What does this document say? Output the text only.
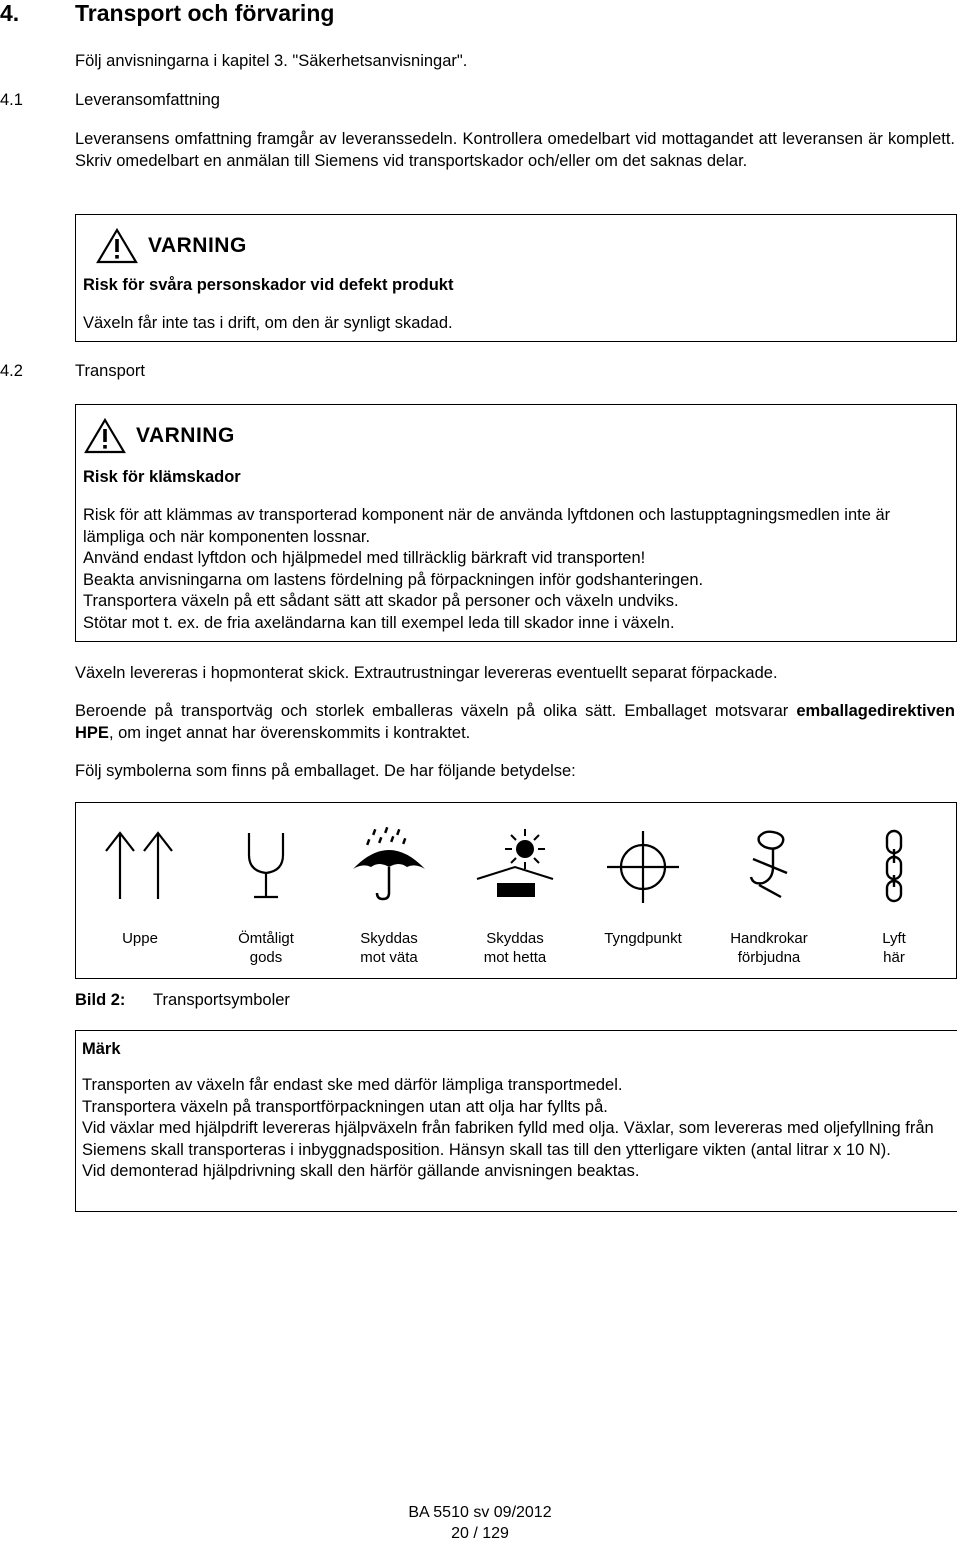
4. Transport och förvaring
Följ anvisningarna i kapitel 3. "Säkerhetsanvisningar".
4.1	Leveransomfattning
Leveransens omfattning framgår av leveranssedeln. Kontrollera omedelbart vid mottagandet att leveransen är komplett. Skriv omedelbart en anmälan till Siemens vid transportskador och/eller om det saknas delar.
VARNING
Risk för svåra personskador vid defekt produkt
Växeln får inte tas i drift, om den är synligt skadad.
4.2	Transport
VARNING
Risk för klämskador
Risk för att klämmas av transporterad komponent när de använda lyftdonen och lastupptagningsmedlen inte är lämpliga och när komponenten lossnar.
Använd endast lyftdon och hjälpmedel med tillräcklig bärkraft vid transporten!
Beakta anvisningarna om lastens fördelning på förpackningen inför godshanteringen.
Transportera växeln på ett sådant sätt att skador på personer och växeln undviks.
Stötar mot t. ex. de fria axeländarna kan till exempel leda till skador inne i växeln.
Växeln levereras i hopmonterat skick. Extrautrustningar levereras eventuellt separat förpackade.
Beroende på transportväg och storlek emballeras växeln på olika sätt. Emballaget motsvarar emballagedirektiven HPE, om inget annat har överenskommits i kontraktet.
Följ symbolerna som finns på emballaget. De har följande betydelse:
Uppe	Ömtåligt
gods
Skyddas
mot väta
Skyddas
mot hetta
Tyngdpunkt	Handkrokar
förbjudna
Lyft
här
Bild 2: Transportsymboler
Märk
Transporten av växeln får endast ske med därför lämpliga transportmedel.
Transportera växeln på transportförpackningen utan att olja har fyllts på.
Vid växlar med hjälpdrift levereras hjälpväxeln från fabriken fylld med olja. Växlar, som levereras med oljefyllning från Siemens skall transporteras i inbyggnadsposition. Hänsyn skall tas till den ytterligare vikten (antal litrar x 10 N).
Vid demonterad hjälpdrivning skall den härför gällande anvisningen beaktas.
BA 5510 sv 09/2012
20 / 129
